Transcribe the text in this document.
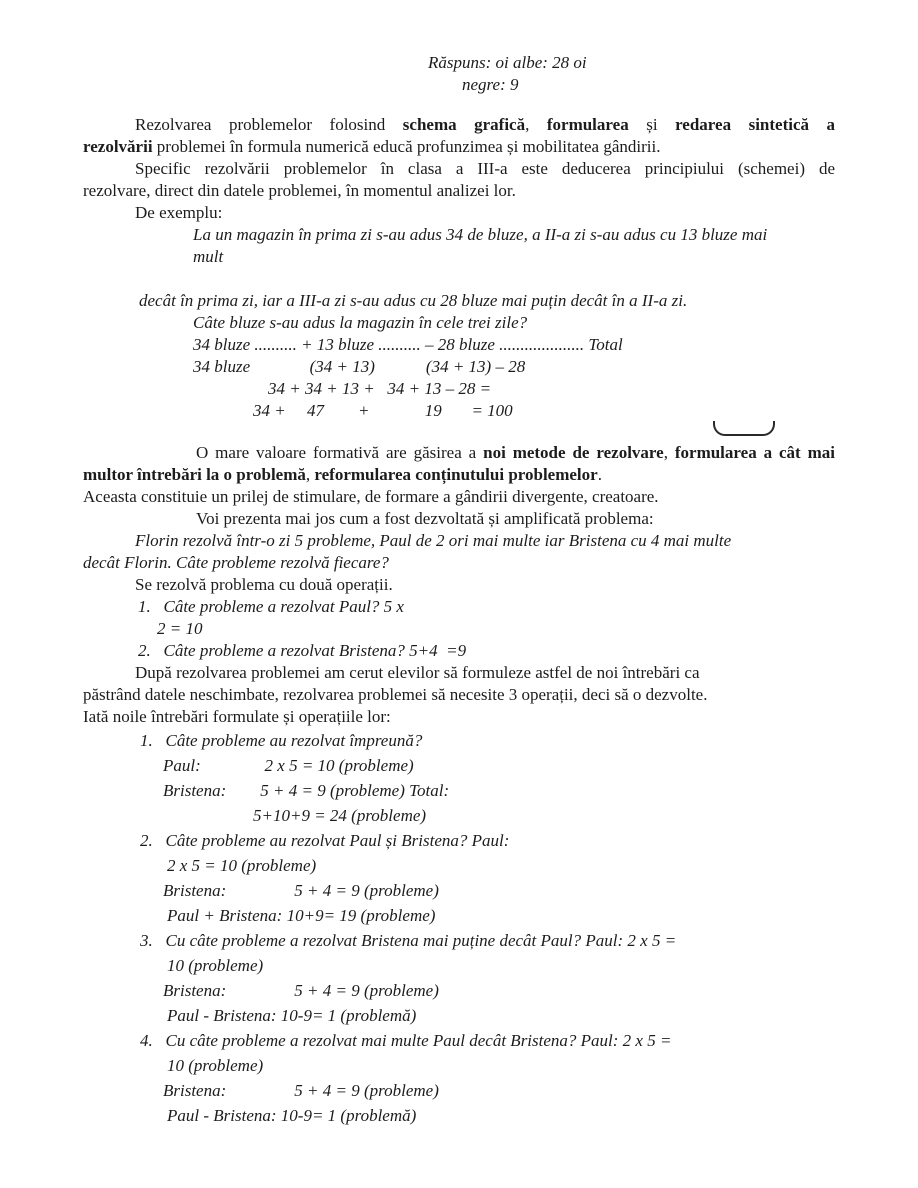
Răspuns: oi albe: 28 oi
negre: 9
Rezolvarea problemelor folosind schema grafică, formularea și redarea sintetică a
rezolvării problemei în formula numerică educă profunzimea și mobilitatea gândirii.
Specific rezolvării problemelor în clasa a III-a este deducerea principiului (schemei) de
rezolvare, direct din datele problemei, în momentul analizei lor.
De exemplu:
La un magazin în prima zi s-au adus 34 de bluze, a II-a zi s-au adus cu 13 bluze mai
mult
decât în prima zi, iar a III-a zi s-au adus cu 28 bluze mai puțin decât în a II-a zi.
Câte bluze s-au adus la magazin în cele trei zile?
34 bluze .......... + 13 bluze .......... – 28 bluze .................... Total
34 bluze              (34 + 13)            (34 + 13) – 28
34 + 34 + 13 +   34 + 13 – 28 =
34 +     47        +             19       = 100
O mare valoare formativă are găsirea a noi metode de rezolvare, formularea a cât mai
multor întrebări la o problemă, reformularea conținutului problemelor.
Aceasta constituie un prilej de stimulare, de formare a gândirii divergente, creatoare.
Voi prezenta mai jos cum a fost dezvoltată și amplificată problema:
Florin rezolvă într-o zi 5 probleme, Paul de 2 ori mai multe iar Bristena cu 4 mai multe
decât Florin. Câte probleme rezolvă fiecare?
Se rezolvă problema cu două operații.
1.   Câte probleme a rezolvat Paul? 5 x
2 = 10
2.   Câte probleme a rezolvat Bristena? 5+4  =9
După rezolvarea problemei am cerut elevilor să formuleze astfel de noi întrebări ca
păstrând datele neschimbate, rezolvarea problemei să necesite 3 operații, deci să o dezvolte.
Iată noile întrebări formulate și operațiile lor:
1.   Câte probleme au rezolvat împreună?
Paul:               2 x 5 = 10 (probleme)
Bristena:        5 + 4 = 9 (probleme) Total:
5+10+9 = 24 (probleme)
2.   Câte probleme au rezolvat Paul și Bristena? Paul:
2 x 5 = 10 (probleme)
Bristena:                5 + 4 = 9 (probleme)
Paul + Bristena: 10+9= 19 (probleme)
3.   Cu câte probleme a rezolvat Bristena mai puține decât Paul? Paul: 2 x 5 =
10 (probleme)
Bristena:                5 + 4 = 9 (probleme)
Paul - Bristena: 10-9= 1 (problemă)
4.   Cu câte probleme a rezolvat mai multe Paul decât Bristena? Paul: 2 x 5 =
10 (probleme)
Bristena:                5 + 4 = 9 (probleme)
Paul - Bristena: 10-9= 1 (problemă)
